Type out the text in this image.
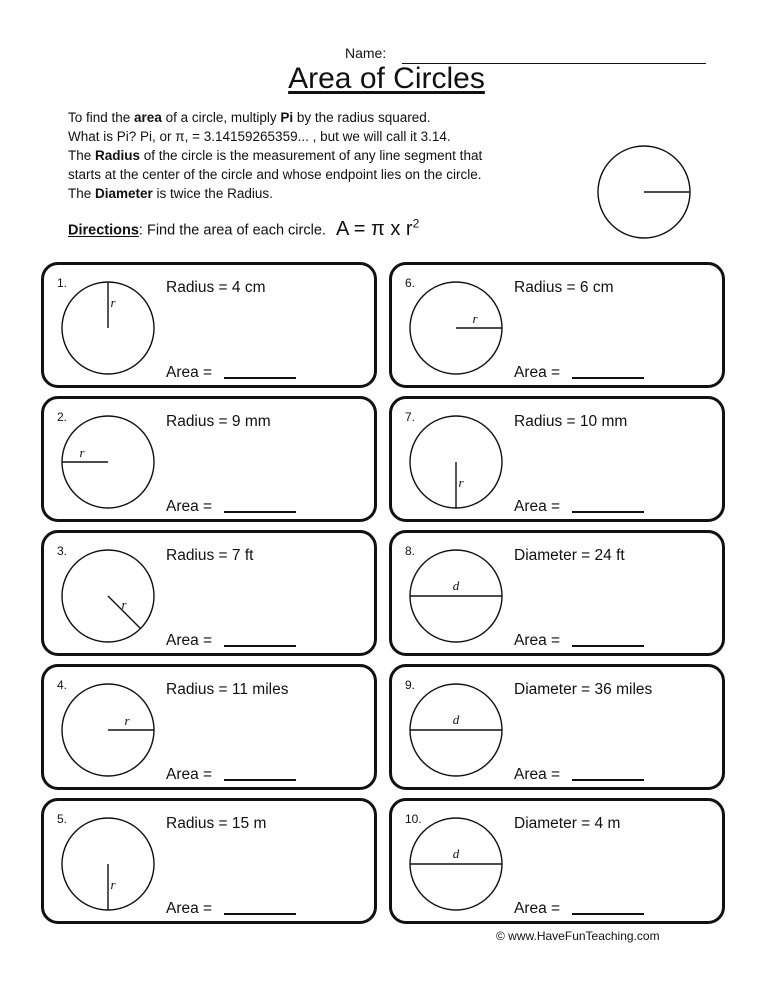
Name:
Area of Circles
To find the area of a circle, multiply Pi by the radius squared.
What is Pi? Pi, or π, = 3.14159265359... , but we will call it 3.14.
The Radius of the circle is the measurement of any line segment that
starts at the center of the circle and whose endpoint lies on the circle.
The Diameter is twice the Radius.
Directions: Find the area of each circle. A = π x $r^2$
1.
r
Radius = 4 cm
Area =
2.
r
Radius = 9 mm
Area =
3.
r
Radius = 7 ft
Area =
4.
r
Radius = 11 miles
Area =
5.
r
Radius = 15 m
Area =
6.
r
Radius = 6 cm
Area =
7.
r
Radius = 10 mm
Area =
8.
d
Diameter = 24 ft
Area =
9.
d
Diameter = 36 miles
Area =
10.
d
Diameter = 4 m
Area =
© www.HaveFunTeaching.com
